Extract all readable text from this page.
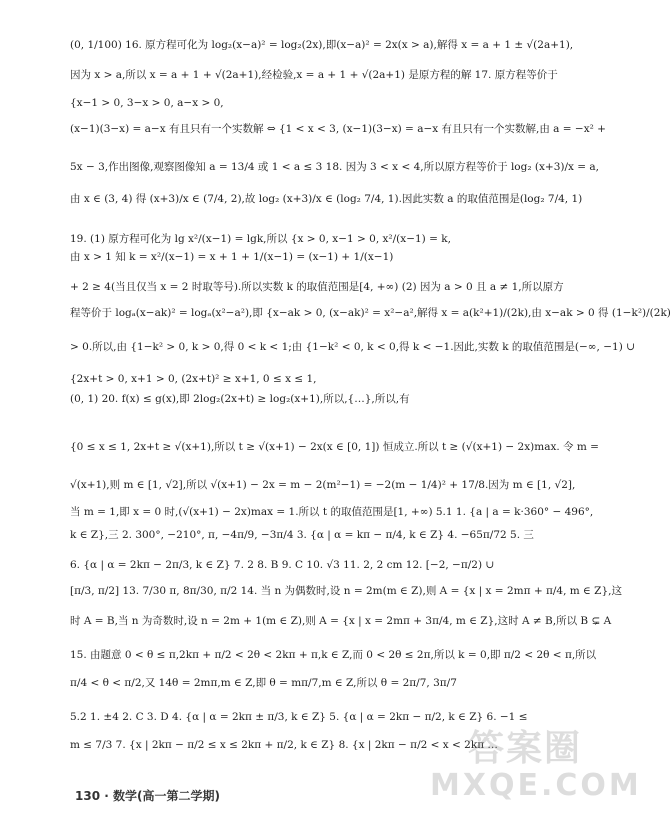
(0, 1/100) 16. 原方程可化为 log₂(x−a)² = log₂(2x),即(x−a)² = 2x(x > a),解得 x = a + 1 ± √(2a+1),
因为 x > a,所以 x = a + 1 + √(2a+1),经检验,x = a + 1 + √(2a+1) 是原方程的解 17. 原方程等价于
{x−1 > 0, 3−x > 0, a−x > 0,
(x−1)(3−x) = a−x 有且只有一个实数解 ⇔ {1 < x < 3, (x−1)(3−x) = a−x 有且只有一个实数解,由 a = −x² +
5x − 3,作出图像,观察图像知 a = 13/4 或 1 < a ≤ 3 18. 因为 3 < x < 4,所以原方程等价于 log₂ (x+3)/x = a,
由 x ∈ (3, 4) 得 (x+3)/x ∈ (7/4, 2),故 log₂ (x+3)/x ∈ (log₂ 7/4, 1).因此实数 a 的取值范围是(log₂ 7/4, 1)
19. (1) 原方程可化为 lg x²/(x−1) = lgk,所以 {x > 0, x−1 > 0, x²/(x−1) = k,
由 x > 1 知 k = x²/(x−1) = x + 1 + 1/(x−1) = (x−1) + 1/(x−1)
+ 2 ≥ 4(当且仅当 x = 2 时取等号).所以实数 k 的取值范围是[4, +∞) (2) 因为 a > 0 且 a ≠ 1,所以原方
程等价于 logₐ(x−ak)² = logₐ(x²−a²),即 {x−ak > 0, (x−ak)² = x²−a²,解得 x = a(k²+1)/(2k),由 x−ak > 0 得 (1−k²)/(2k)
> 0.所以,由 {1−k² > 0, k > 0,得 0 < k < 1;由 {1−k² < 0, k < 0,得 k < −1.因此,实数 k 的取值范围是(−∞, −1) ∪
{2x+t > 0, x+1 > 0, (2x+t)² ≥ x+1, 0 ≤ x ≤ 1,
(0, 1) 20. f(x) ≤ g(x),即 2log₂(2x+t) ≥ log₂(x+1),所以,{…},所以,有
{0 ≤ x ≤ 1, 2x+t ≥ √(x+1),所以 t ≥ √(x+1) − 2x(x ∈ [0, 1]) 恒成立.所以 t ≥ (√(x+1) − 2x)max. 令 m =
√(x+1),则 m ∈ [1, √2],所以 √(x+1) − 2x = m − 2(m²−1) = −2(m − 1/4)² + 17/8.因为 m ∈ [1, √2],
当 m = 1,即 x = 0 时,(√(x+1) − 2x)max = 1.所以 t 的取值范围是[1, +∞) 5.1 1. {a | a = k·360° − 496°,
k ∈ Z},三 2. 300°, −210°, π, −4π/9, −3π/4 3. {α | α = kπ − π/4, k ∈ Z} 4. −65π/72 5. 三
6. {α | α = 2kπ − 2π/3, k ∈ Z} 7. 2 8. B 9. C 10. √3 11. 2, 2 cm 12. [−2, −π/2) ∪
[π/3, π/2] 13. 7/30 π, 8π/30, π/2 14. 当 n 为偶数时,设 n = 2m(m ∈ Z),则 A = {x | x = 2mπ + π/4, m ∈ Z},这
时 A = B,当 n 为奇数时,设 n = 2m + 1(m ∈ Z),则 A = {x | x = 2mπ + 3π/4, m ∈ Z},这时 A ≠ B,所以 B ⊊ A
15. 由题意 0 < θ ≤ π,2kπ + π/2 < 2θ < 2kπ + π,k ∈ Z,而 0 < 2θ ≤ 2π,所以 k = 0,即 π/2 < 2θ < π,所以
π/4 < θ < π/2,又 14θ = 2mπ,m ∈ Z,即 θ = mπ/7,m ∈ Z,所以 θ = 2π/7, 3π/7
5.2 1. ±4 2. C 3. D 4. {α | α = 2kπ ± π/3, k ∈ Z} 5. {α | α = 2kπ − π/2, k ∈ Z} 6. −1 ≤
m ≤ 7/3 7. {x | 2kπ − π/2 ≤ x ≤ 2kπ + π/2, k ∈ Z} 8. {x | 2kπ − π/2 < x < 2kπ …
130 · 数学(高一第二学期)
答案圈
MXQE.COM
